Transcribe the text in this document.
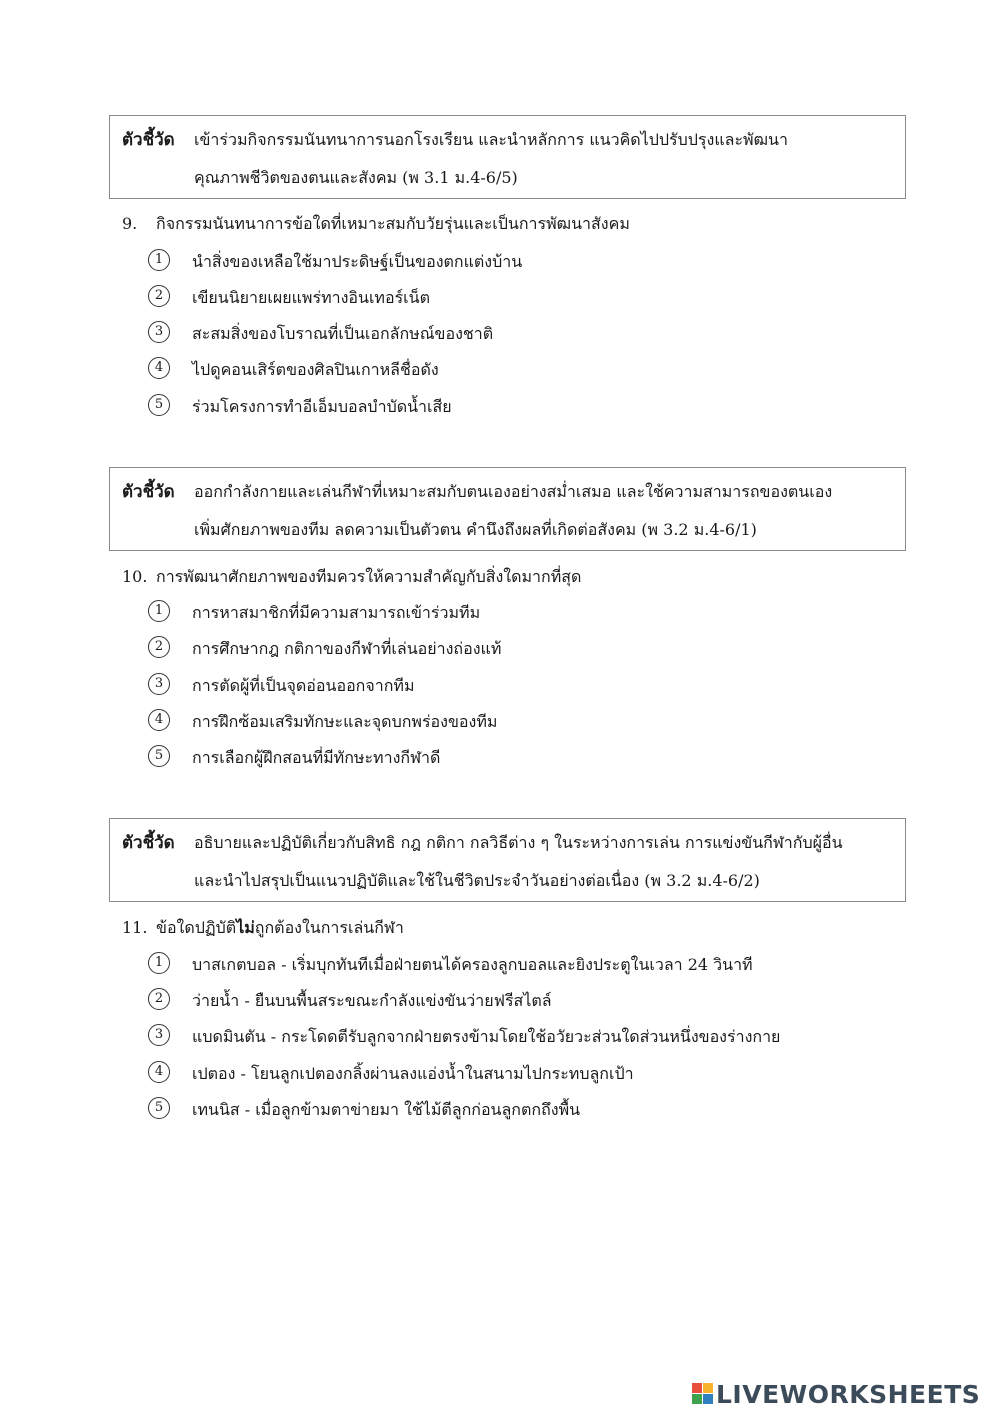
ตัวชี้วัด เข้าร่วมกิจกรรมนันทนาการนอกโรงเรียน และนำหลักการ แนวคิดไปปรับปรุงและพัฒนา
คุณภาพชีวิตของตนและสังคม (พ 3.1 ม.4-6/5)
9. กิจกรรมนันทนาการข้อใดที่เหมาะสมกับวัยรุ่นและเป็นการพัฒนาสังคม
1	นำสิ่งของเหลือใช้มาประดิษฐ์เป็นของตกแต่งบ้าน
2	เขียนนิยายเผยแพร่ทางอินเทอร์เน็ต
3	สะสมสิ่งของโบราณที่เป็นเอกลักษณ์ของชาติ
4	ไปดูคอนเสิร์ตของศิลปินเกาหลีชื่อดัง
5	ร่วมโครงการทำอีเอ็มบอลบำบัดน้ำเสีย
ตัวชี้วัด ออกกำลังกายและเล่นกีฬาที่เหมาะสมกับตนเองอย่างสม่ำเสมอ และใช้ความสามารถของตนเอง
เพิ่มศักยภาพของทีม ลดความเป็นตัวตน คำนึงถึงผลที่เกิดต่อสังคม (พ 3.2 ม.4-6/1)
10. การพัฒนาศักยภาพของทีมควรให้ความสำคัญกับสิ่งใดมากที่สุด
1	การหาสมาชิกที่มีความสามารถเข้าร่วมทีม
2	การศึกษากฎ กติกาของกีฬาที่เล่นอย่างถ่องแท้
3	การตัดผู้ที่เป็นจุดอ่อนออกจากทีม
4	การฝึกซ้อมเสริมทักษะและจุดบกพร่องของทีม
5	การเลือกผู้ฝึกสอนที่มีทักษะทางกีฬาดี
ตัวชี้วัด อธิบายและปฏิบัติเกี่ยวกับสิทธิ กฎ กติกา กลวิธีต่าง ๆ ในระหว่างการเล่น การแข่งขันกีฬากับผู้อื่น
และนำไปสรุปเป็นแนวปฏิบัติและใช้ในชีวิตประจำวันอย่างต่อเนื่อง (พ 3.2 ม.4-6/2)
11. ข้อใดปฏิบัติไม่ถูกต้องในการเล่นกีฬา
1	บาสเกตบอล - เริ่มบุกทันทีเมื่อฝ่ายตนได้ครองลูกบอลและยิงประตูในเวลา 24 วินาที
2	ว่ายน้ำ - ยืนบนพื้นสระขณะกำลังแข่งขันว่ายฟรีสไตล์
3	แบดมินตัน - กระโดดตีรับลูกจากฝ่ายตรงข้ามโดยใช้อวัยวะส่วนใดส่วนหนึ่งของร่างกาย
4	เปตอง - โยนลูกเปตองกลิ้งผ่านลงแอ่งน้ำในสนามไปกระทบลูกเป้า
5	เทนนิส - เมื่อลูกข้ามตาข่ายมา ใช้ไม้ตีลูกก่อนลูกตกถึงพื้น
LIVEWORKSHEETS
